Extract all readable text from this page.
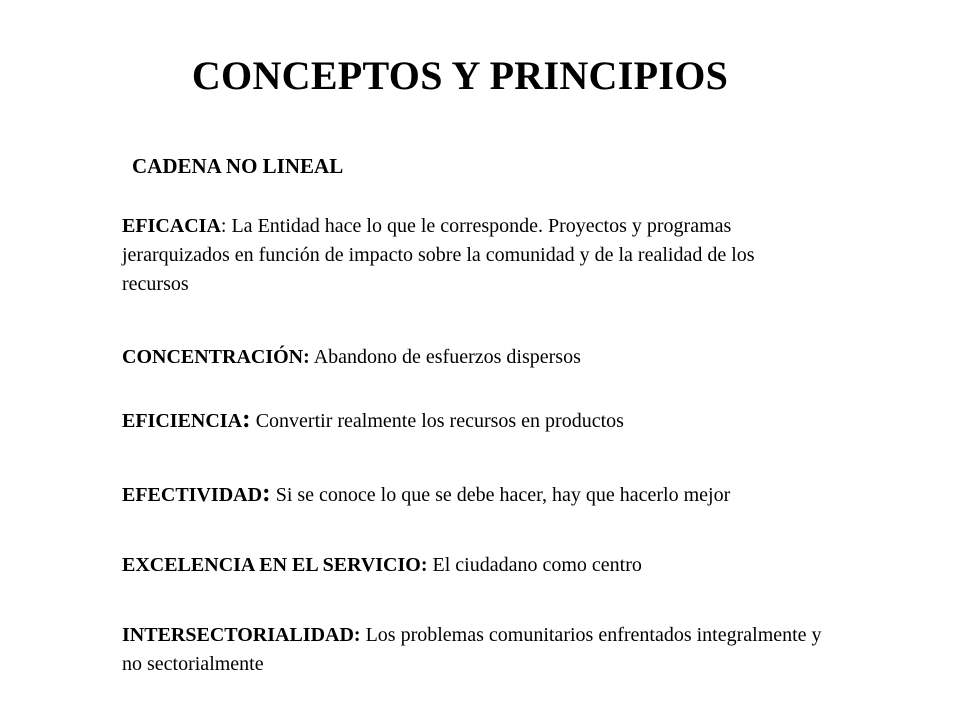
CONCEPTOS Y PRINCIPIOS
CADENA NO LINEAL
EFICACIA: La Entidad hace lo que le corresponde. Proyectos y programas jerarquizados en función de impacto sobre la comunidad y de la realidad de los recursos
CONCENTRACIÓN: Abandono de esfuerzos dispersos
EFICIENCIA: Convertir realmente los recursos en productos
EFECTIVIDAD: Si se conoce lo que se debe hacer, hay que hacerlo mejor
EXCELENCIA EN EL SERVICIO: El ciudadano como centro
INTERSECTORIALIDAD: Los problemas comunitarios enfrentados integralmente y no sectorialmente
